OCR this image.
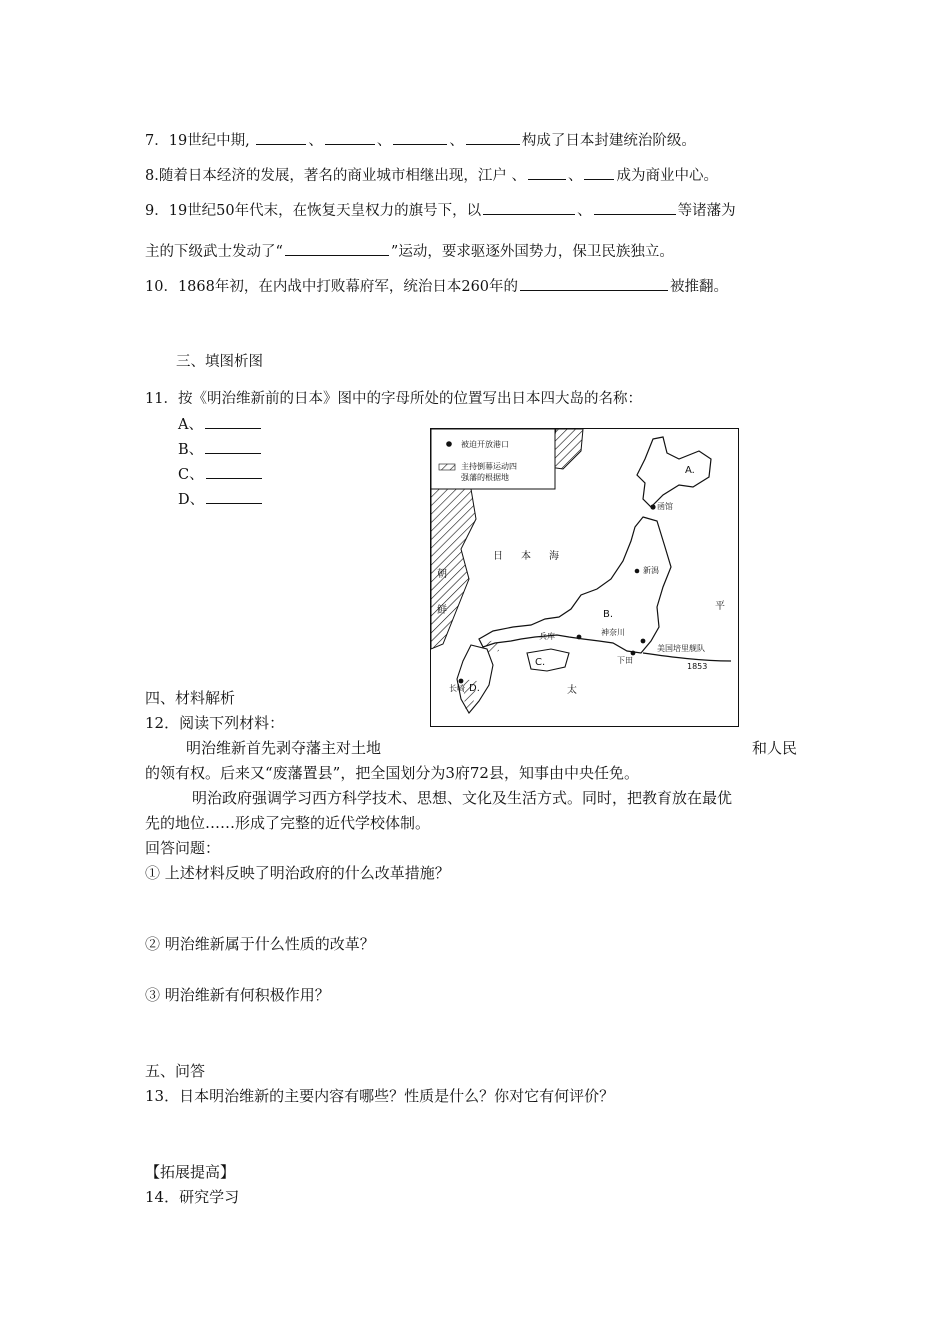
7．19世纪中期,	、	、	、	构成了日本封建统治阶级。
8.随着日本经济的发展，著名的商业城市相继出现，江户 、	、 成为商业中心。
9．19世纪50年代末，在恢复天皇权力的旗号下，以	、	等诸藩为
主的下级武士发动了“	”运动，要求驱逐外国势力，保卫民族独立。
10．1868年初，在内战中打败幕府军，统治日本260年的	被推翻。
三、填图析图
11．按《明治维新前的日本》图中的字母所处的位置写出日本四大岛的名称：
A、
B、
C、
D、
被迫开放港口
主持倒幕运动四
强藩的根据地
A.
B.
C.
D.
函馆
新潟
兵库	神奈川
下田
长崎
美国培里舰队
1853
日 本 海
朝
鲜	平
太
四、材料解析
12．阅读下列材料：
明治维新首先剥夺藩主对土地	和人民
的领有权。后来又“废藩置县”，把全国划分为3府72县，知事由中央任免。
明治政府强调学习西方科学技术、思想、文化及生活方式。同时，把教育放在最优
先的地位……形成了完整的近代学校体制。
回答问题：
① 上述材料反映了明治政府的什么改革措施？
② 明治维新属于什么性质的改革？
③ 明治维新有何积极作用？
五、问答
13．日本明治维新的主要内容有哪些？性质是什么？你对它有何评价？
【拓展提高】
14．研究学习
